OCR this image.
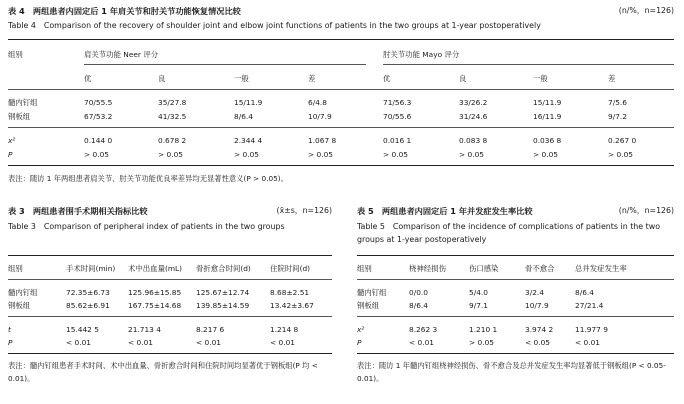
表 4　两组患者内固定后 1 年肩关节和肘关节功能恢复情况比较	(n/%，n=126)
Table 4　Comparison of the recovery of shoulder joint and elbow joint functions of patients in the two groups at 1-year postoperatively
组别	肩关节功能 Neer 评分	肘关节功能 Mayo 评分
优	良	一般	差	优	良	一般	差
髓内钉组	70/55.5	35/27.8	15/11.9	6/4.8	71/56.3	33/26.2	15/11.9	7/5.6
钢板组	67/53.2	41/32.5	8/6.4	10/7.9	70/55.6	31/24.6	16/11.9	9/7.2
x²	0.144 0	0.678 2	2.344 4	1.067 8	0.016 1	0.083 8	0.036 8	0.267 0
P	> 0.05	> 0.05	> 0.05	> 0.05	> 0.05	> 0.05	> 0.05	> 0.05
表注：随访 1 年两组患者肩关节、肘关节功能优良率差异均无显著性意义(P > 0.05)。
表 3　两组患者围手术期相关指标比较	(x̄±s，n=126)
Table 3　Comparison of peripheral index of patients in the two groups
组别	手术时间(min) 术中出血量(mL) 骨折愈合时间(d)	住院时间(d)
髓内钉组	72.35±6.73 125.96±15.85 125.67±12.74	8.68±2.51
钢板组	85.62±6.91 167.75±14.68 139.85±14.59	13.42±3.67
t	15.442 5	21.713 4	8.217 6	1.214 8
P	< 0.01	< 0.01	< 0.01	< 0.01
表注：髓内钉组患者手术时间、术中出血量、骨折愈合时间和住院时间均显著优于钢板组(P 均 < 0.01)。
表 5　两组患者内固定后 1 年并发症发生率比较	(n/%，n=126)
Table 5　Comparison of the incidence of complications of patients in the two groups at 1-year postoperatively
组别	桡神经损伤	伤口感染	骨不愈合	总并发症发生率
髓内钉组	0/0.0	5/4.0	3/2.4	8/6.4
钢板组	8/6.4	9/7.1	10/7.9	27/21.4
x²	8.262 3	1.210 1	3.974 2	11.977 9
P	< 0.01	> 0.05	< 0.05	< 0.01
表注：随访 1 年髓内钉组桡神经损伤、骨不愈合及总并发症发生率均显著低于钢板组(P < 0.05-0.01)。
